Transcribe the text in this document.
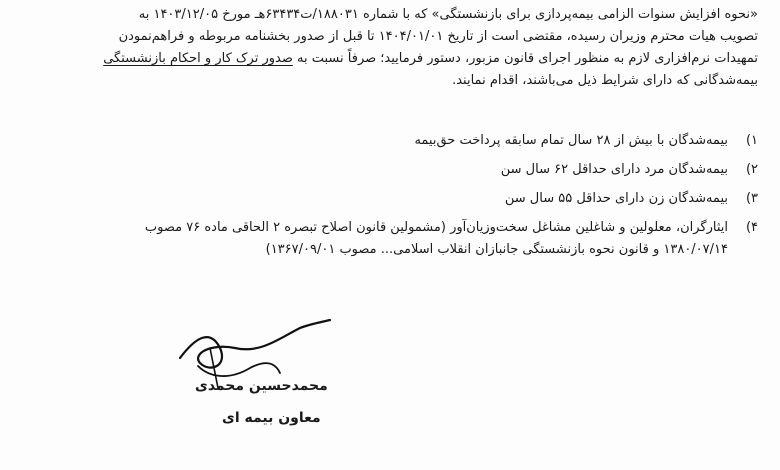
«نحوه افزایش سنوات الزامی بیمه‌پردازی برای بازنشستگی» که با شماره ۱۸۸۰۳۱/ت۶۳۴۳۴هـ مورخ ۱۴۰۳/۱۲/۰۵ به
تصویب هیات محترم وزیران رسیده، مقتضی است از تاریخ ۱۴۰۴/۰۱/۰۱ تا قبل از صدور بخشنامه مربوطه و فراهم‌نمودن
تمهیدات نرم‌افزاری لازم به منظور اجرای قانون مزبور، دستور فرمایید؛ صرفاً نسبت به صدور ترک کار و احکام بازنشستگی
بیمه‌شدگانی که دارای شرایط ذیل می‌باشند، اقدام نمایند.

۱)
بیمه‌شدگان با بیش از ۲۸ سال تمام سابقه پرداخت حق‌بیمه
۲)
بیمه‌شدگان مرد دارای حداقل ۶۲ سال سن
۳)
بیمه‌شدگان زن دارای حداقل ۵۵ سال سن
۴)
ایثارگران، معلولین و شاغلین مشاغل سخت‌وزیان‌آور (مشمولین قانون اصلاح تبصره ۲ الحاقی ماده ۷۶ مصوب
۱۳۸۰/۰۷/۱۴ و قانون نحوه بازنشستگی جانبازان انقلاب اسلامی... مصوب ۱۳۶۷/۰۹/۰۱)
محمدحسین محمدی
معاون بیمه ای
